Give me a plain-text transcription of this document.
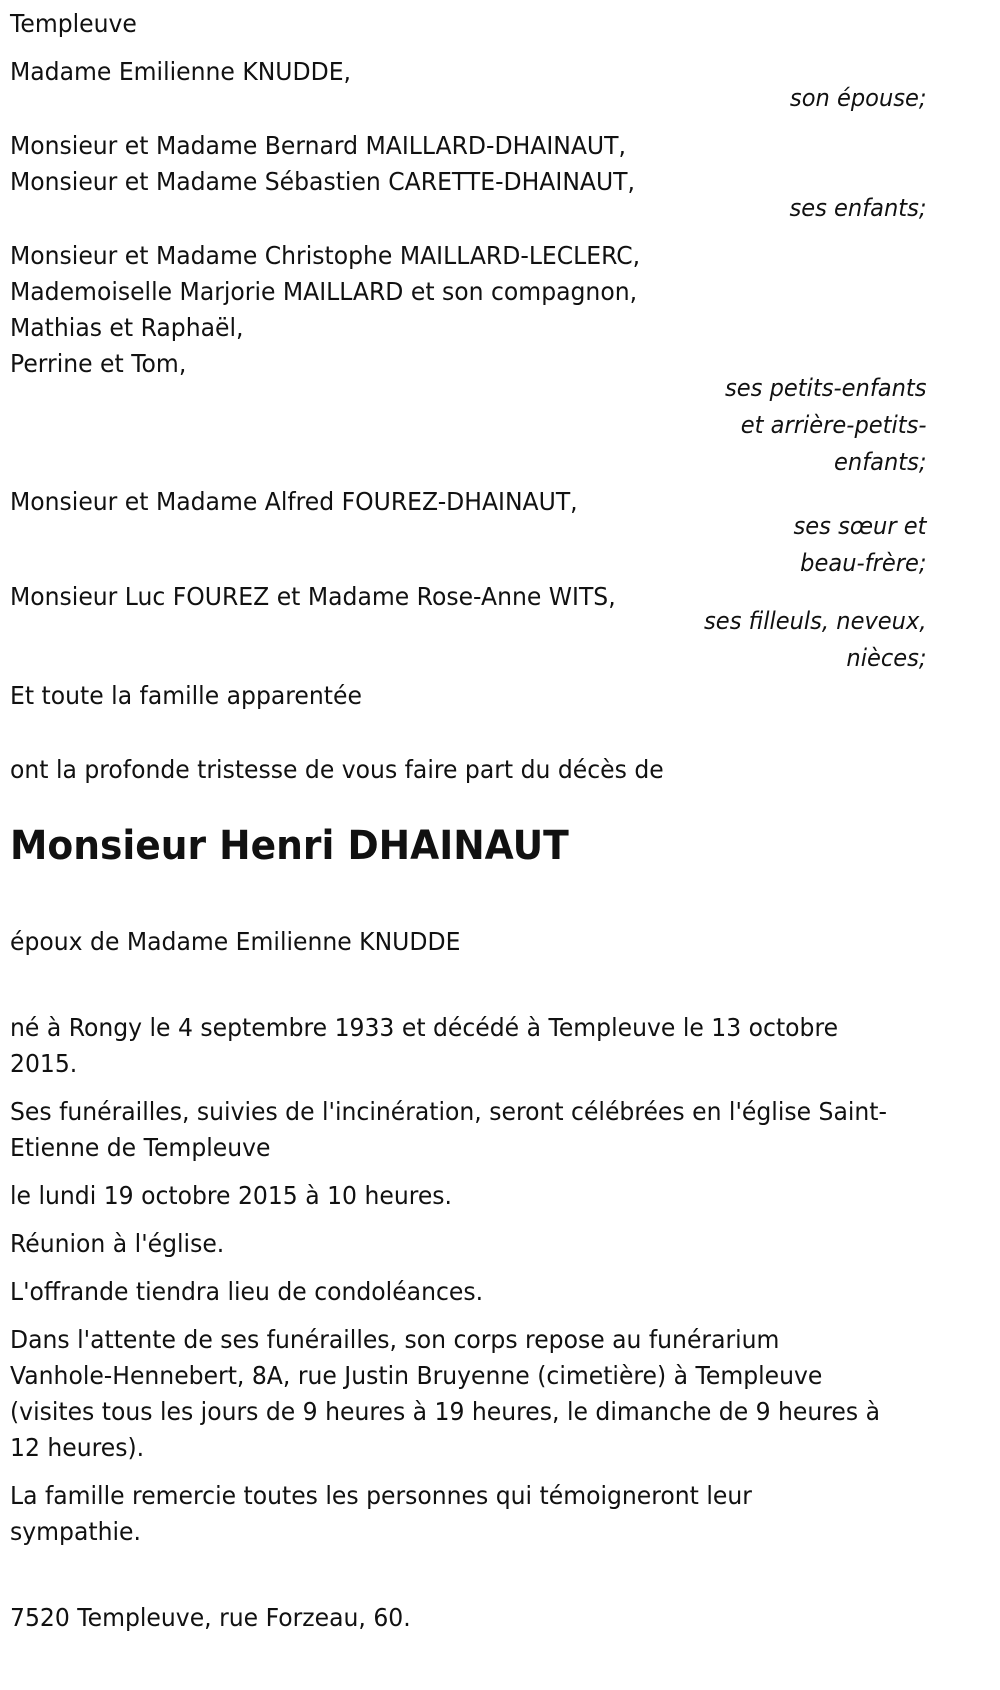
Templeuve
Madame Emilienne KNUDDE,
son épouse;
Monsieur et Madame Bernard MAILLARD-DHAINAUT,
Monsieur et Madame Sébastien CARETTE-DHAINAUT,
ses enfants;
Monsieur et Madame Christophe MAILLARD-LECLERC,
Mademoiselle Marjorie MAILLARD et son compagnon,
Mathias et Raphaël,
Perrine et Tom,
ses petits-enfants
et arrière-petits-
enfants;
Monsieur et Madame Alfred FOUREZ-DHAINAUT,
ses sœur et
beau-frère;
Monsieur Luc FOUREZ et Madame Rose-Anne WITS,
ses filleuls, neveux,
nièces;
Et toute la famille apparentée
ont la profonde tristesse de vous faire part du décès de
Monsieur Henri DHAINAUT
époux de Madame Emilienne KNUDDE
né à Rongy le 4 septembre 1933 et décédé à Templeuve le 13 octobre
2015.
Ses funérailles, suivies de l'incinération, seront célébrées en l'église Saint-
Etienne de Templeuve
le lundi 19 octobre 2015 à 10 heures.
Réunion à l'église.
L'offrande tiendra lieu de condoléances.
Dans l'attente de ses funérailles, son corps repose au funérarium
Vanhole-Hennebert, 8A, rue Justin Bruyenne (cimetière) à Templeuve
(visites tous les jours de 9 heures à 19 heures, le dimanche de 9 heures à
12 heures).
La famille remercie toutes les personnes qui témoigneront leur
sympathie.
7520 Templeuve, rue Forzeau, 60.
